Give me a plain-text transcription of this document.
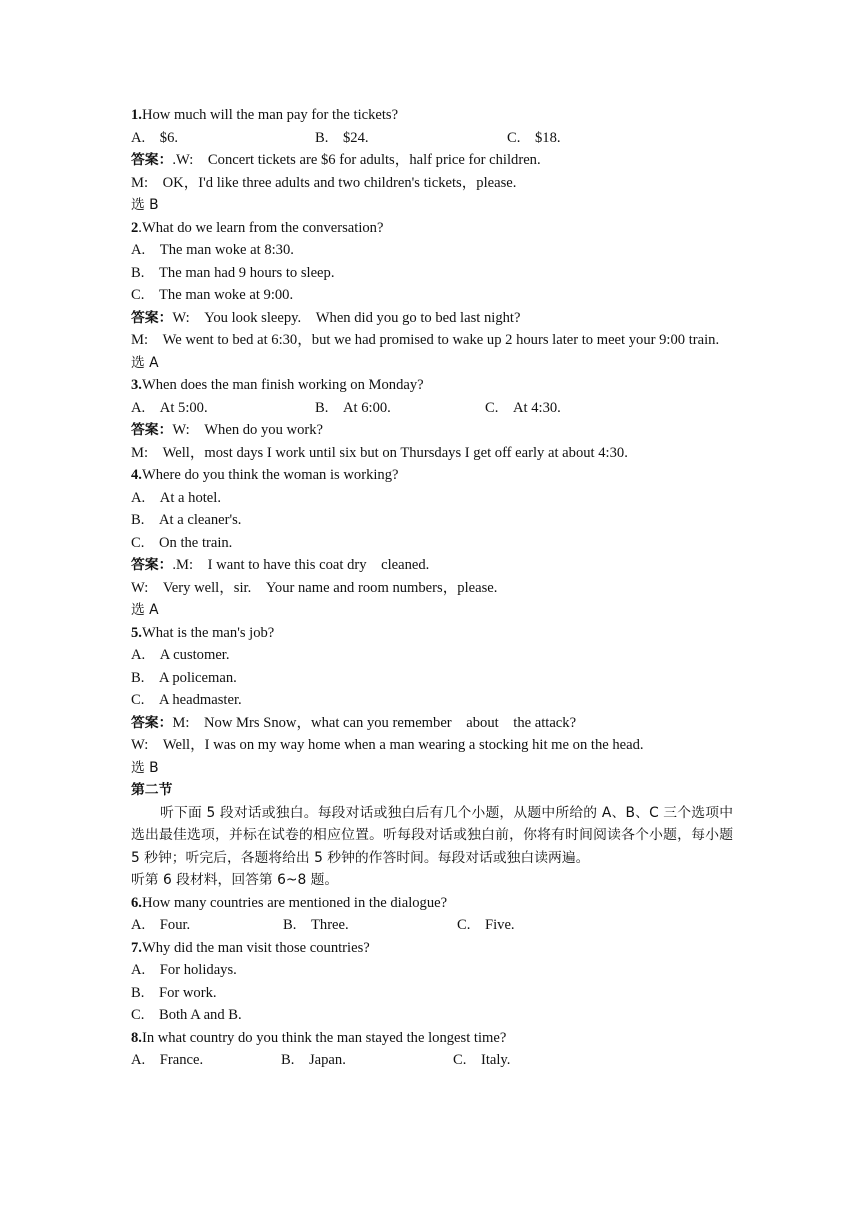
1.How much will the man pay for the tickets?
A.　$6.	B.　$24.	C.　$18.
答案：.W:　Concert tickets are $6 for adults，half price for children.
M:　OK，I'd like three adults and two children's tickets，please.
选 B
2.What do we learn from the conversation?
A.　The man woke at 8:30.
B.　The man had 9 hours to sleep.
C.　The man woke at 9:00.
答案：W:　You look sleepy.　When did you go to bed last night?
M:　We went to bed at 6:30，but we had promised to wake up 2 hours later to meet your 9:00 train.
选 A
3.When does the man finish working on Monday?
A.　At 5:00.	B.　At 6:00.	C.　At 4:30.
答案：W:　When do you work?
M:　Well，most days I work until six but on Thursdays I get off early at about 4:30.
4.Where do you think the woman is working?
A.　At a hotel.
B.　At a cleaner's.
C.　On the train.
答案：.M:　I want to have this coat dry　cleaned.
W:　Very well，sir.　Your name and room numbers，please.
选 A
5.What is the man's job?
A.　A customer.
B.　A policeman.
C.　A headmaster.
答案：M:　Now Mrs Snow，what can you remember　about　the attack?
W:　Well，I was on my way home when a man wearing a stocking hit me on the head.
选 B
第二节
听下面 5 段对话或独白。每段对话或独白后有几个小题，从题中所给的 A、B、C 三个选项中选出最佳选项，并标在试卷的相应位置。听每段对话或独白前，你将有时间阅读各个小题，每小题 5 秒钟；听完后，各题将给出 5 秒钟的作答时间。每段对话或独白读两遍。
听第 6 段材料，回答第 6~8 题。
6.How many countries are mentioned in the dialogue?
A.　Four.	B.　Three.	C.　Five.
7.Why did the man visit those countries?
A.　For holidays.
B.　For work.
C.　Both A and B.
8.In what country do you think the man stayed the longest time?
A.　France.	B.　Japan.	C.　Italy.
